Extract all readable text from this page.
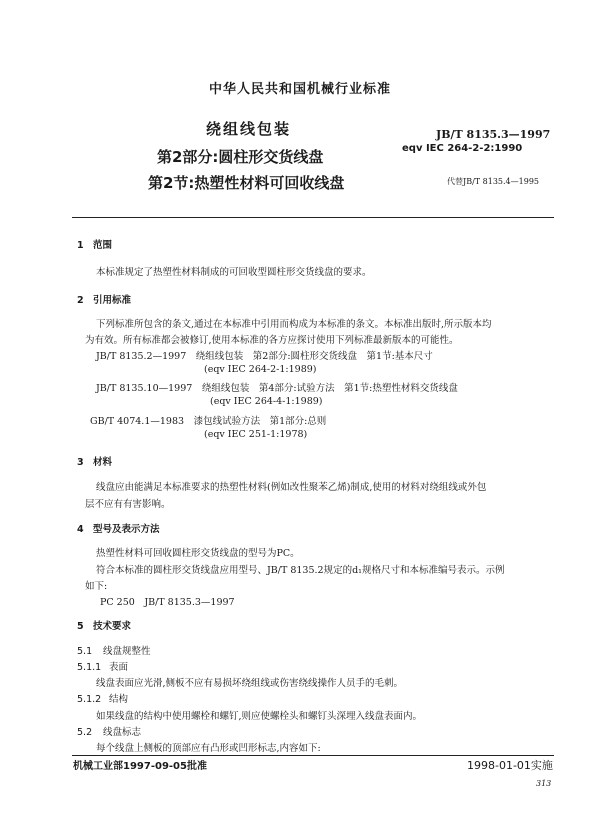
中华人民共和国机械行业标准
绕组线包装
第2部分:圆柱形交货线盘
第2节:热塑性材料可回收线盘
JB/T 8135.3—1997
eqv IEC 264-2-2:1990
代替JB/T 8135.4—1995
1 范围
本标准规定了热塑性材料制成的可回收型圆柱形交货线盘的要求。
2 引用标准
下列标准所包含的条文,通过在本标准中引用而构成为本标准的条文。本标准出版时,所示版本均
为有效。所有标准都会被修订,使用本标准的各方应探讨使用下列标准最新版本的可能性。
JB/T 8135.2—1997　 绕组线包装　第2部分:圆柱形交货线盘　第1节:基本尺寸
(eqv IEC 264-2-1:1989)
JB/T 8135.10—1997　 绕组线包装　第4部分:试验方法　第1节:热塑性材料交货线盘
(eqv IEC 264-4-1:1989)
GB/T 4074.1—1983　 漆包线试验方法　第1部分:总则
(eqv IEC 251-1:1978)
3 材料
线盘应由能满足本标准要求的热塑性材料(例如改性聚苯乙烯)制成,使用的材料对绕组线或外包
层不应有有害影响。
4 型号及表示方法
热塑性材料可回收圆柱形交货线盘的型号为PC。
符合本标准的圆柱形交货线盘应用型号、JB/T 8135.2规定的d₁规格尺寸和本标准编号表示。示例
如下:
PC 250　JB/T 8135.3—1997
5 技术要求
5.1 线盘规整性
5.1.1 表面
线盘表面应光滑,侧板不应有易损坏绕组线或伤害绕线操作人员手的毛刺。
5.1.2 结构
如果线盘的结构中使用螺栓和螺钉,则应使螺栓头和螺钉头深埋入线盘表面内。
5.2 线盘标志
每个线盘上侧板的顶部应有凸形或凹形标志,内容如下:
机械工业部1997-09-05批准	1998-01-01实施
313
